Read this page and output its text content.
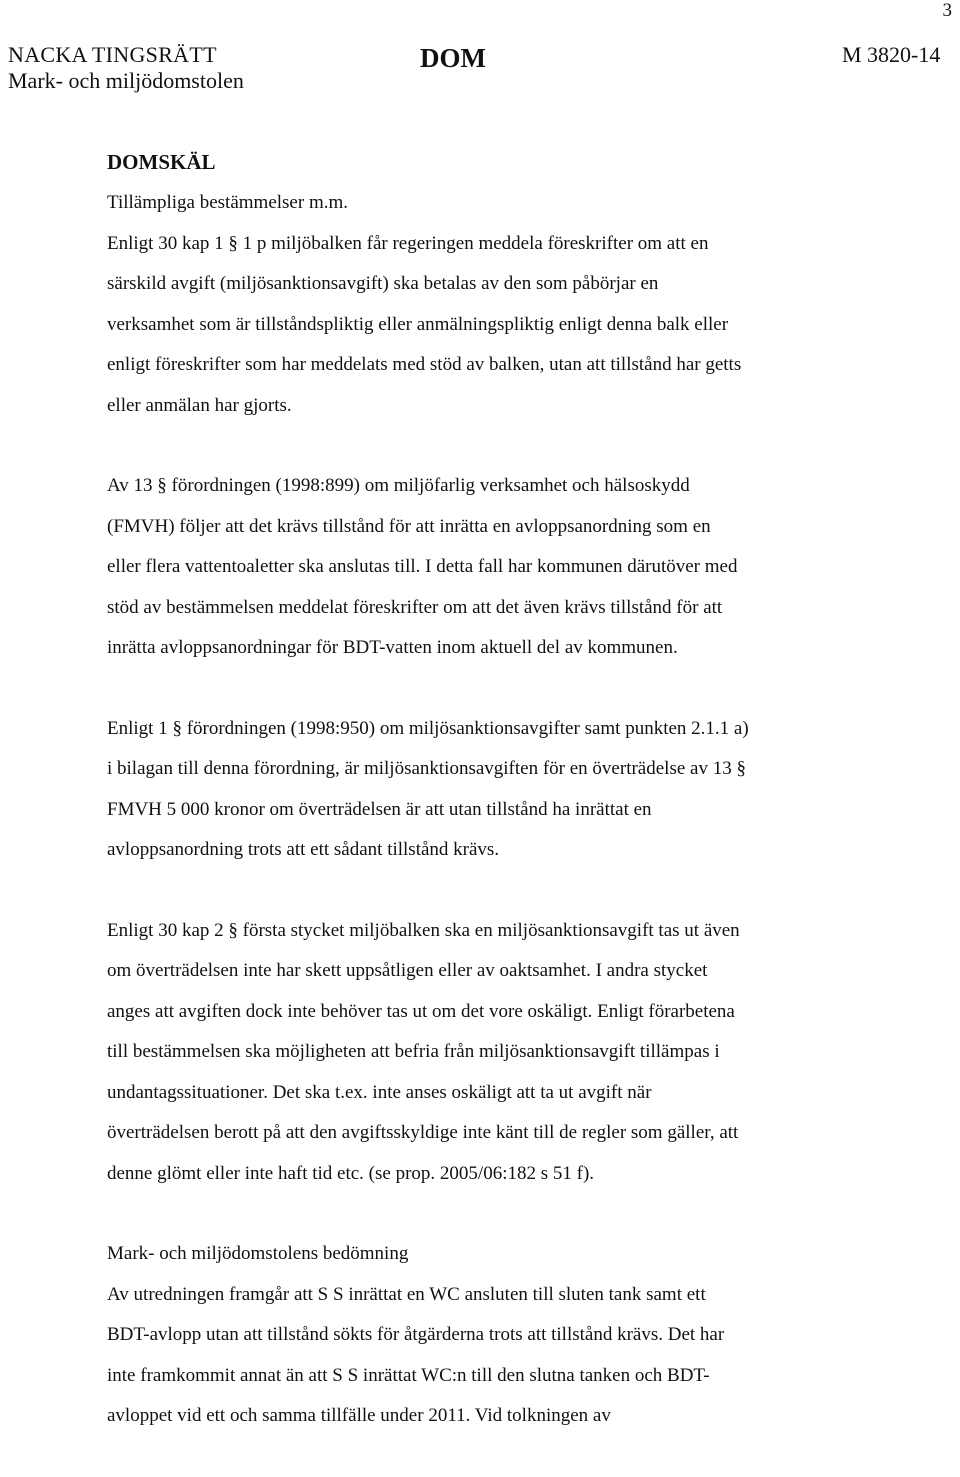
3
NACKA TINGSRÄTT
Mark- och miljödomstolen
DOM	M 3820-14
DOMSKÄL
Tillämpliga bestämmelser m.m.
Enligt 30 kap 1 § 1 p miljöbalken får regeringen meddela föreskrifter om att en
särskild avgift (miljösanktionsavgift) ska betalas av den som påbörjar en
verksamhet som är tillståndspliktig eller anmälningspliktig enligt denna balk eller
enligt föreskrifter som har meddelats med stöd av balken, utan att tillstånd har getts
eller anmälan har gjorts.
Av 13 § förordningen (1998:899) om miljöfarlig verksamhet och hälsoskydd
(FMVH) följer att det krävs tillstånd för att inrätta en avloppsanordning som en
eller flera vattentoaletter ska anslutas till. I detta fall har kommunen därutöver med
stöd av bestämmelsen meddelat föreskrifter om att det även krävs tillstånd för att
inrätta avloppsanordningar för BDT-vatten inom aktuell del av kommunen.
Enligt 1 § förordningen (1998:950) om miljösanktionsavgifter samt punkten 2.1.1 a)
i bilagan till denna förordning, är miljösanktionsavgiften för en överträdelse av 13 §
FMVH 5 000 kronor om överträdelsen är att utan tillstånd ha inrättat en
avloppsanordning trots att ett sådant tillstånd krävs.
Enligt 30 kap 2 § första stycket miljöbalken ska en miljösanktionsavgift tas ut även
om överträdelsen inte har skett uppsåtligen eller av oaktsamhet. I andra stycket
anges att avgiften dock inte behöver tas ut om det vore oskäligt. Enligt förarbetena
till bestämmelsen ska möjligheten att befria från miljösanktionsavgift tillämpas i
undantagssituationer. Det ska t.ex. inte anses oskäligt att ta ut avgift när
överträdelsen berott på att den avgiftsskyldige inte känt till de regler som gäller, att
denne glömt eller inte haft tid etc. (se prop. 2005/06:182 s 51 f).
Mark- och miljödomstolens bedömning
Av utredningen framgår att S S inrättat en WC ansluten till sluten tank samt ett
BDT-avlopp utan att tillstånd sökts för åtgärderna trots att tillstånd krävs. Det har
inte framkommit annat än att S S inrättat WC:n till den slutna tanken och BDT-
avloppet vid ett och samma tillfälle under 2011. Vid tolkningen av
